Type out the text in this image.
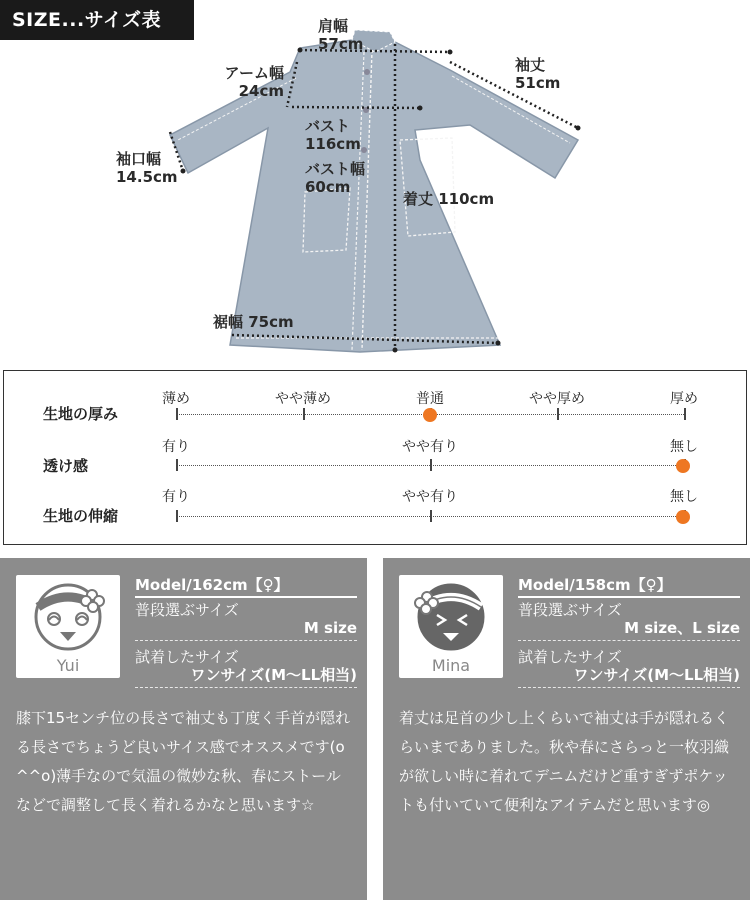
SIZE...サイズ表	肩幅
57cm
袖丈
51cm
アーム幅
24cm
バスト
116cm
バスト幅
60cm
袖口幅
14.5cm
着丈 110cm
裾幅 75cm
生地の厚み
薄め	やや薄め	普通	やや厚め	厚め
透け感
有り	やや有り	無し
生地の伸縮
有り	やや有り	無し
Yui
Model/162cm【♀】
普段選ぶサイズ
M size
試着したサイズ
ワンサイズ(M〜LL相当)
膝下15センチ位の長さで袖丈も丁度く手首が隠れる長さでちょうど良いサイス感でオススメです(o^^o)薄手なので気温の微妙な秋、春にストールなどで調整して長く着れるかなと思います☆
Mina
Model/158cm【♀】
普段選ぶサイズ
M size、L size
試着したサイズ
ワンサイズ(M〜LL相当)
着丈は足首の少し上くらいで袖丈は手が隠れるくらいまでありました。秋や春にさらっと一枚羽織が欲しい時に着れてデニムだけど重すぎずポケットも付いていて便利なアイテムだと思います◎
